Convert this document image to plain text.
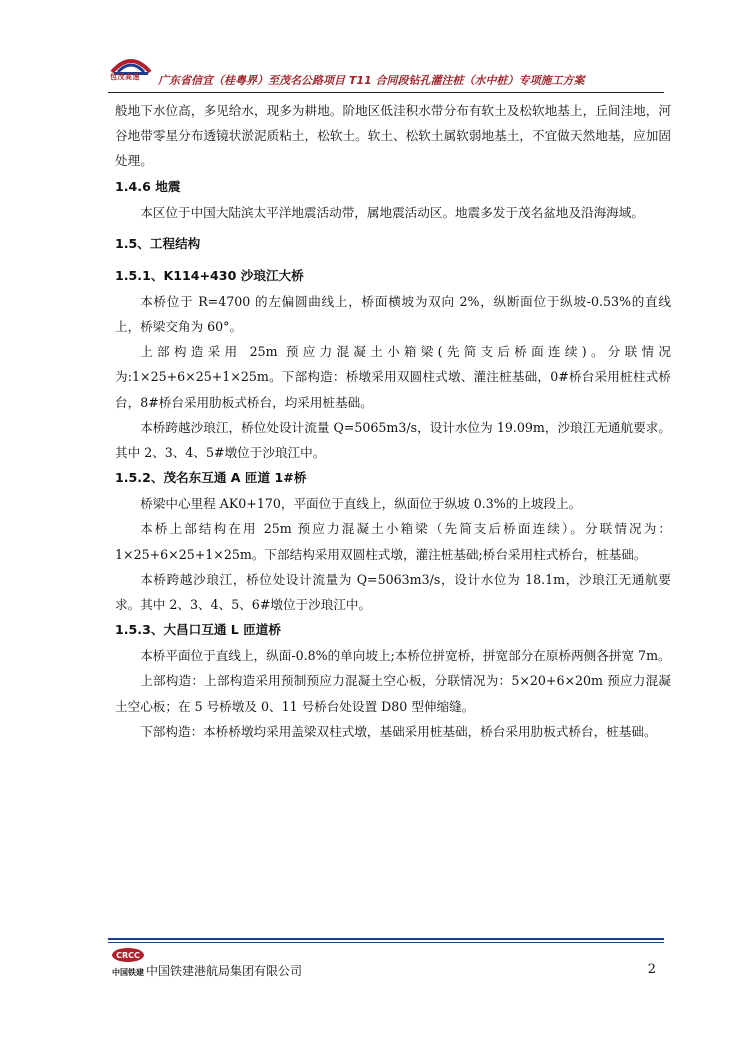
包茂高速 广东省信宜（桂粤界）至茂名公路项目 T11 合同段钻孔灌注桩（水中桩）专项施工方案

般地下水位高，多见给水，现多为耕地。阶地区低洼积水带分布有软土及松软地基上，丘间洼地，河谷地带零星分布透镜状淤泥质粘土，松软土。软土、松软土属软弱地基土，不宜做天然地基，应加固处理。

1.4.6 地震

本区位于中国大陆滨太平洋地震活动带，属地震活动区。地震多发于茂名盆地及沿海海域。

1.5、工程结构
1.5.1、K114+430 沙琅江大桥

本桥位于 R=4700 的左偏圆曲线上，桥面横坡为双向 2%，纵断面位于纵坡-0.53%的直线上，桥梁交角为 60°。

上部构造采用 25m 预应力混凝土小箱梁(先简支后桥面连续)。分联情况为:1×25+6×25+1×25m。下部构造：桥墩采用双圆柱式墩、灌注桩基础，0#桥台采用桩柱式桥台，8#桥台采用肋板式桥台，均采用桩基础。

本桥跨越沙琅江，桥位处设计流量 Q=5065m3/s，设计水位为 19.09m，沙琅江无通航要求。其中 2、3、4、5#墩位于沙琅江中。

1.5.2、茂名东互通 A 匝道 1#桥

桥梁中心里程 AK0+170，平面位于直线上，纵面位于纵坡 0.3%的上坡段上。

本桥上部结构在用 25m 预应力混凝土小箱梁（先简支后桥面连续）。分联情况为：1×25+6×25+1×25m。下部结构采用双圆柱式墩，灌注桩基础;桥台采用柱式桥台，桩基础。

本桥跨越沙琅江，桥位处设计流量为 Q=5063m3/s，设计水位为 18.1m，沙琅江无通航要求。其中 2、3、4、5、6#墩位于沙琅江中。

1.5.3、大昌口互通 L 匝道桥

本桥平面位于直线上，纵面-0.8%的单向坡上;本桥位拼宽桥，拼宽部分在原桥两侧各拼宽 7m。

上部构造：上部构造采用预制预应力混凝土空心板，分联情况为：5×20+6×20m 预应力混凝土空心板；在 5 号桥墩及 0、11 号桥台处设置 D80 型伸缩缝。

下部构造：本桥桥墩均采用盖梁双柱式墩，基础采用桩基础，桥台采用肋板式桥台，桩基础。

CRCC
中国铁建 中国铁建港航局集团有限公司	2
